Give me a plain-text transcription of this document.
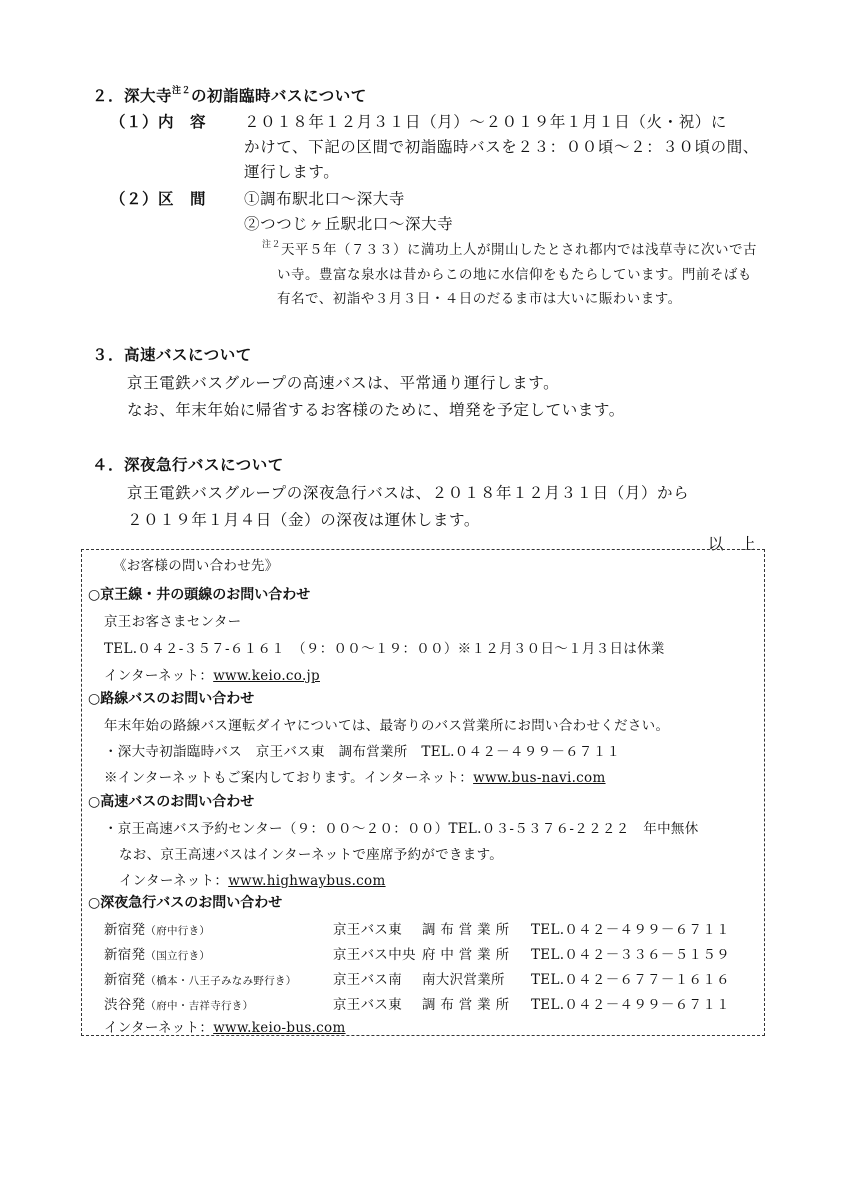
２．深大寺$^{注2}$の初詣臨時バスについて
（１）内　容 ２０１８年１２月３１日（月）～２０１９年１月１日（火・祝）に
かけて、下記の区間で初詣臨時バスを２３：００頃～２：３０頃の間、
運行します。
（２）区　間 ①調布駅北口～深大寺
②つつじヶ丘駅北口～深大寺
$^{注2}$天平５年（７３３）に満功上人が開山したとされ都内では浅草寺に次いで古
い寺。豊富な泉水は昔からこの地に水信仰をもたらしています。門前そばも
有名で、初詣や３月３日・４日のだるま市は大いに賑わいます。
３．高速バスについて
京王電鉄バスグループの高速バスは、平常通り運行します。
なお、年末年始に帰省するお客様のために、増発を予定しています。
４．深夜急行バスについて
京王電鉄バスグループの深夜急行バスは、２０１８年１２月３１日（月）から
２０１９年１月４日（金）の深夜は運休します。
以　上
《お客様の問い合わせ先》
○京王線・井の頭線のお問い合わせ
京王お客さまセンター
TEL.０４２-３５７-６１６１　（９：００～１９：００）※１２月３０日～１月３日は休業
インターネット：www.keio.co.jp
○路線バスのお問い合わせ
年末年始の路線バス運転ダイヤについては、最寄りのバス営業所にお問い合わせください。
・深大寺初詣臨時バス　京王バス東　調布営業所　TEL.０４２－４９９－６７１１
※インターネットもご案内しております。インターネット：www.bus-navi.com
○高速バスのお問い合わせ
・京王高速バス予約センター（９：００～２０：００）TEL.０３-５３７６-２２２２　年中無休
なお、京王高速バスはインターネットで座席予約ができます。
インターネット：www.highwaybus.com
○深夜急行バスのお問い合わせ
新宿発（府中行き）	京王バス東 調 布 営 業 所 TEL.０４２－４９９－６７１１
新宿発（国立行き）	京王バス中央 府 中 営 業 所 TEL.０４２－３３６－５１５９
新宿発（橋本・八王子みなみ野行き）	京王バス南 南大沢営業所 TEL.０４２－６７７－１６１６
渋谷発（府中・吉祥寺行き）	京王バス東 調 布 営 業 所 TEL.０４２－４９９－６７１１
インターネット：www.keio-bus.com
